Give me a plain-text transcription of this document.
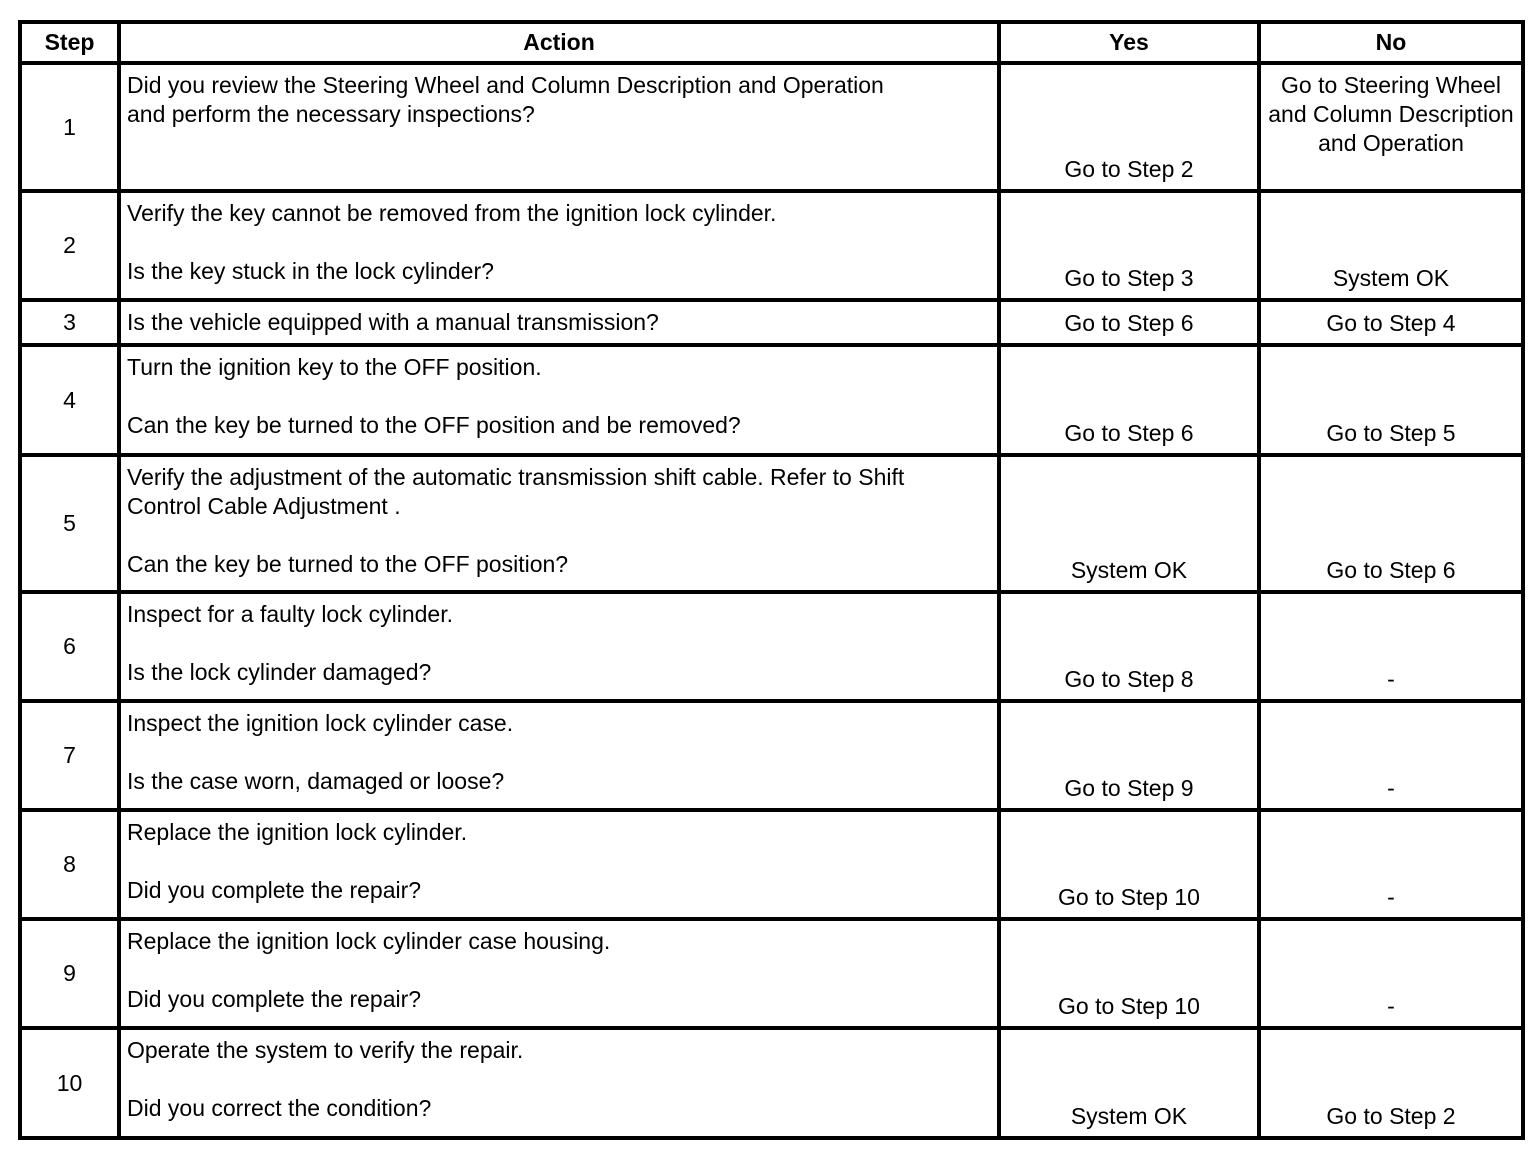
Step	Action	Yes	No
1	Did you review the Steering Wheel and Column Description and Operation
and perform the necessary inspections?	Go to Step 2	Go to Steering Wheel and Column Description and Operation
2	Verify the key cannot be removed from the ignition lock cylinder.
Is the key stuck in the lock cylinder?	Go to Step 3	System OK
3	Is the vehicle equipped with a manual transmission?	Go to Step 6	Go to Step 4
4	Turn the ignition key to the OFF position.
Can the key be turned to the OFF position and be removed?	Go to Step 6	Go to Step 5
5	Verify the adjustment of the automatic transmission shift cable. Refer to Shift
Control Cable Adjustment .
Can the key be turned to the OFF position?	System OK	Go to Step 6
6	Inspect for a faulty lock cylinder.
Is the lock cylinder damaged?	Go to Step 8	-
7	Inspect the ignition lock cylinder case.
Is the case worn, damaged or loose?	Go to Step 9	-
8	Replace the ignition lock cylinder.
Did you complete the repair?	Go to Step 10	-
9	Replace the ignition lock cylinder case housing.
Did you complete the repair?	Go to Step 10	-
10	Operate the system to verify the repair.
Did you correct the condition?	System OK	Go to Step 2
